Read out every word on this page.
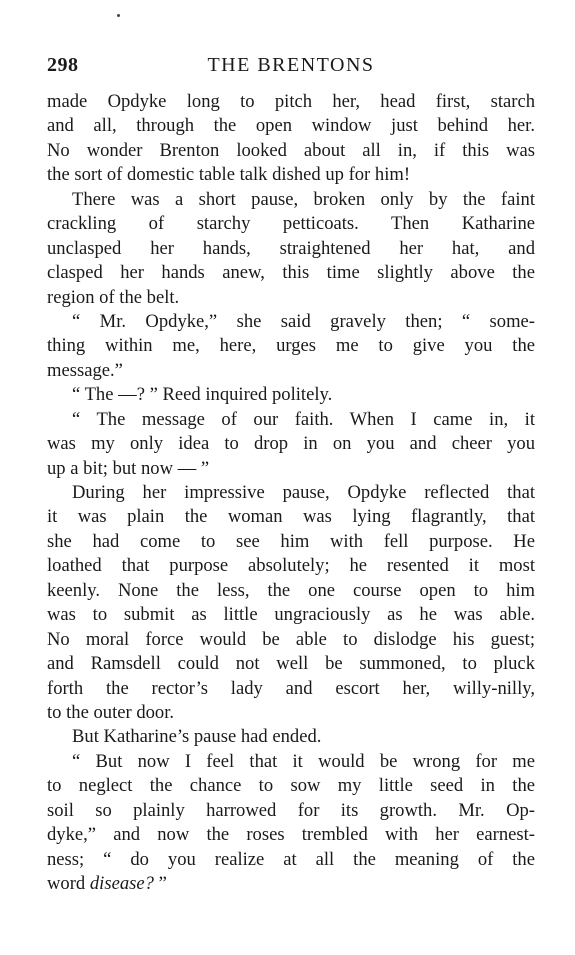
298	THE BRENTONS
made Opdyke long to pitch her, head first, starch
and all, through the open window just behind her.
No wonder Brenton looked about all in, if this was
the sort of domestic table talk dished up for him!
There was a short pause, broken only by the faint
crackling of starchy petticoats. Then Katharine
unclasped her hands, straightened her hat, and
clasped her hands anew, this time slightly above the
region of the belt.
“ Mr. Opdyke,” she said gravely then; “ some-
thing within me, here, urges me to give you the
message.”
“ The —? ” Reed inquired politely.
“ The message of our faith. When I came in, it
was my only idea to drop in on you and cheer you
up a bit; but now — ”
During her impressive pause, Opdyke reflected that
it was plain the woman was lying flagrantly, that
she had come to see him with fell purpose. He
loathed that purpose absolutely; he resented it most
keenly. None the less, the one course open to him
was to submit as little ungraciously as he was able.
No moral force would be able to dislodge his guest;
and Ramsdell could not well be summoned, to pluck
forth the rector’s lady and escort her, willy-nilly,
to the outer door.
But Katharine’s pause had ended.
“ But now I feel that it would be wrong for me
to neglect the chance to sow my little seed in the
soil so plainly harrowed for its growth. Mr. Op-
dyke,” and now the roses trembled with her earnest-
ness; “ do you realize at all the meaning of the
word disease? ”
